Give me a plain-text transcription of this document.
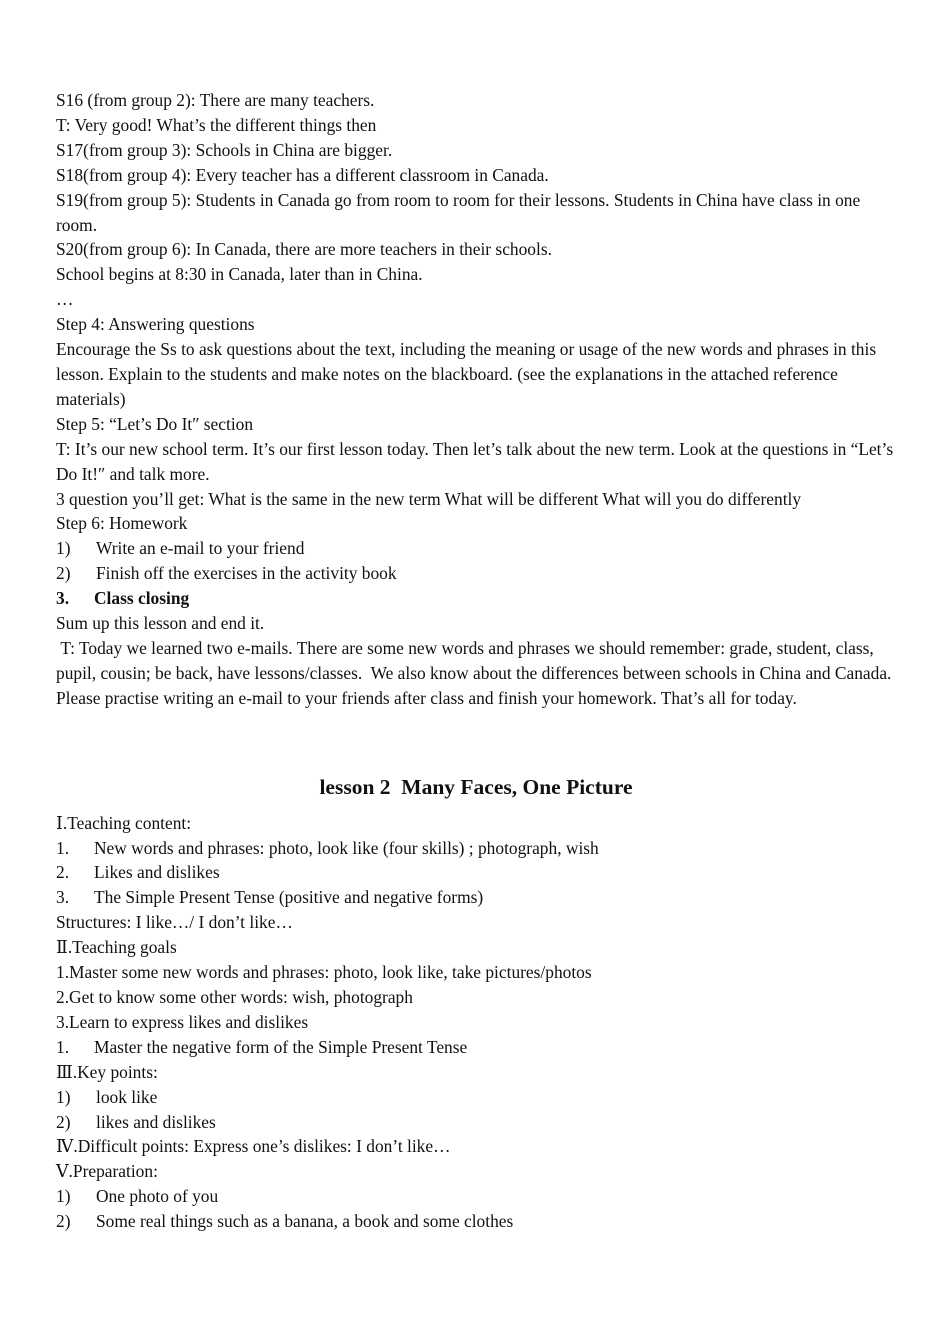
S16 (from group 2): There are many teachers.
T: Very good! What’s the different things then
S17(from group 3): Schools in China are bigger.
S18(from group 4): Every teacher has a different classroom in Canada.
S19(from group 5): Students in Canada go from room to room for their lessons. Students in China have class in one room.
S20(from group 6): In Canada, there are more teachers in their schools.
School begins at 8:30 in Canada, later than in China.
…
Step 4: Answering questions
Encourage the Ss to ask questions about the text, including the meaning or usage of the new words and phrases in this lesson. Explain to the students and make notes on the blackboard. (see the explanations in the attached reference materials)
Step 5: “Let’s Do It″ section
T: It’s our new school term. It’s our first lesson today. Then let’s talk about the new term. Look at the questions in “Let’s Do It!″ and talk more.
3 question you’ll get: What is the same in the new term What will be different What will you do differently
Step 6: Homework
1) Write an e-mail to your friend
2) Finish off the exercises in the activity book
3. Class closing
Sum up this lesson and end it.
T: Today we learned two e-mails. There are some new words and phrases we should remember: grade, student, class, pupil, cousin; be back, have lessons/classes.  We also know about the differences between schools in China and Canada. Please practise writing an e-mail to your friends after class and finish your homework. That’s all for today.
lesson 2  Many Faces, One Picture
Ⅰ.Teaching content:
1. New words and phrases: photo, look like (four skills) ; photograph, wish
2. Likes and dislikes
3. The Simple Present Tense (positive and negative forms)
Structures: I like…/ I don’t like…
Ⅱ.Teaching goals
1.Master some new words and phrases: photo, look like, take pictures/photos
2.Get to know some other words: wish, photograph
3.Learn to express likes and dislikes
1. Master the negative form of the Simple Present Tense
Ⅲ.Key points:
1) look like
2) likes and dislikes
Ⅳ.Difficult points: Express one’s dislikes: I don’t like…
Ⅴ.Preparation:
1) One photo of you
2) Some real things such as a banana, a book and some clothes
